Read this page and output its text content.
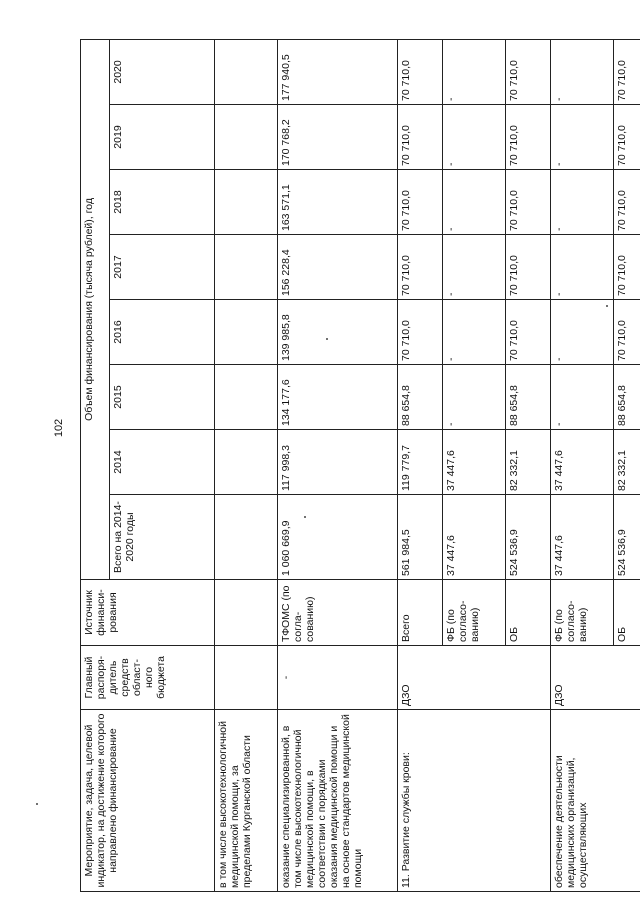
102
Мероприятие, задача, целевой индикатор, на достижение которого направлено финансирование	Главный распоря-дитель средств област-ного бюджета	Источник финанси-рования	Объем финансирования (тысяча рублей), год							
			Всего на 2014-2020 годы	2014	2015	2016	2017	2018	2019	2020
в том числе высокотехнологичной медицинской помощи, за пределами Курганской области										
оказание специализированной, в том числе высокотехнологичной медицинской помощи, в соответствии с порядками оказания медицинской помощи и на основе стандартов медицинской помощи	-	ТФОМС (по согла-сованию)	1 060 669,9	117 998,3	134 177,6	139 985,8	156 228,4	163 571,1	170 768,2	177 940,5
11. Развитие службы крови:	ДЗО	Всего	561 984,5	119 779,7	88 654,8	70 710,0	70 710,0	70 710,0	70 710,0	70 710,0
		ФБ (по согласо-ванию)	37 447,6	37 447,6	-	-	-	-	-	-
		ОБ	524 536,9	82 332,1	88 654,8	70 710,0	70 710,0	70 710,0	70 710,0	70 710,0
обеспечение деятельности медицинских организаций, осуществляющих	ДЗО	ФБ (по согласо-ванию)	37 447,6	37 447,6	-	-	-	-	-	-
		ОБ	524 536,9	82 332,1	88 654,8	70 710,0	70 710,0	70 710,0	70 710,0	70 710,0
